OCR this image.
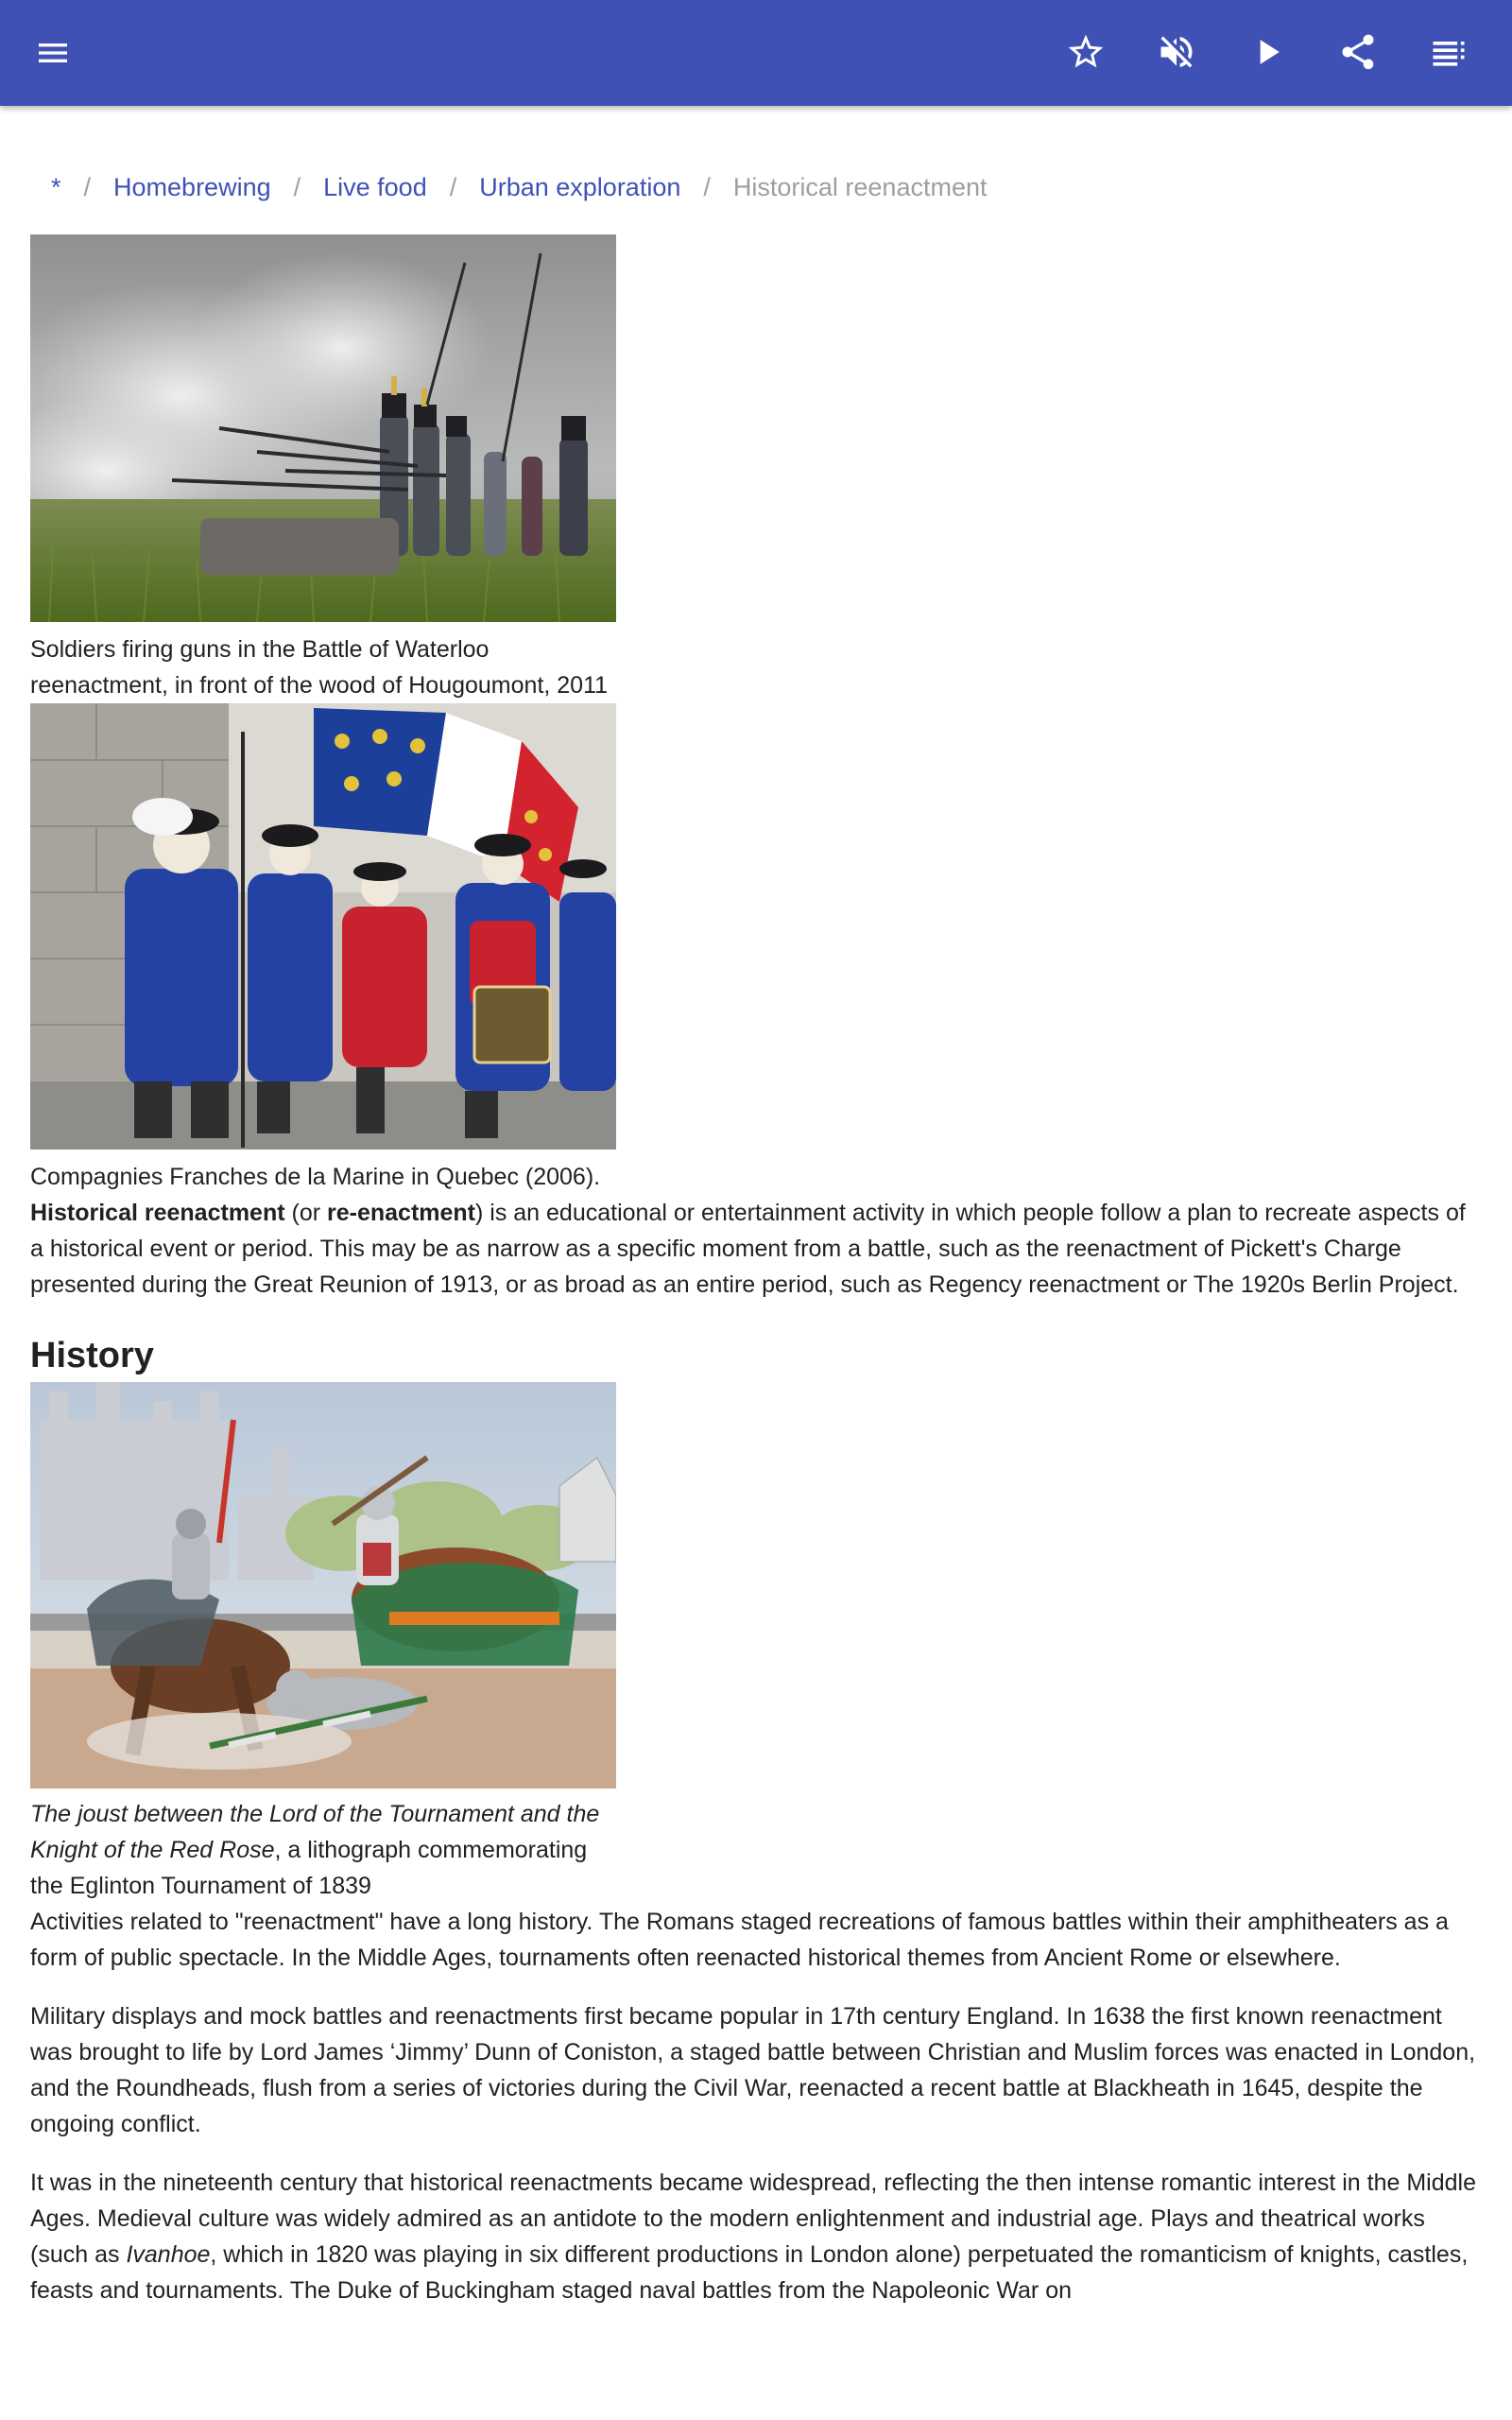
* / Homebrewing / Live food / Urban exploration / Historical reenactment
Soldiers firing guns in the Battle of Waterloo reenactment, in front of the wood of Hougoumont, 2011
Compagnies Franches de la Marine in Quebec (2006).

Historical reenactment (or re-enactment) is an educational or entertainment activity in which people follow a plan to recreate aspects of a historical event or period. This may be as narrow as a specific moment from a battle, such as the reenactment of Pickett's Charge presented during the Great Reunion of 1913, or as broad as an entire period, such as Regency reenactment or The 1920s Berlin Project.

History
The joust between the Lord of the Tournament and the Knight of the Red Rose, a lithograph commemorating the Eglinton Tournament of 1839

Activities related to "reenactment" have a long history. The Romans staged recreations of famous battles within their amphitheaters as a form of public spectacle. In the Middle Ages, tournaments often reenacted historical themes from Ancient Rome or elsewhere.

Military displays and mock battles and reenactments first became popular in 17th century England. In 1638 the first known reenactment was brought to life by Lord James ‘Jimmy’ Dunn of Coniston, a staged battle between Christian and Muslim forces was enacted in London, and the Roundheads, flush from a series of victories during the Civil War, reenacted a recent battle at Blackheath in 1645, despite the ongoing conflict.

It was in the nineteenth century that historical reenactments became widespread, reflecting the then intense romantic interest in the Middle Ages. Medieval culture was widely admired as an antidote to the modern enlightenment and industrial age. Plays and theatrical works (such as Ivanhoe, which in 1820 was playing in six different productions in London alone) perpetuated the romanticism of knights, castles, feasts and tournaments. The Duke of Buckingham staged naval battles from the Napoleonic War on
